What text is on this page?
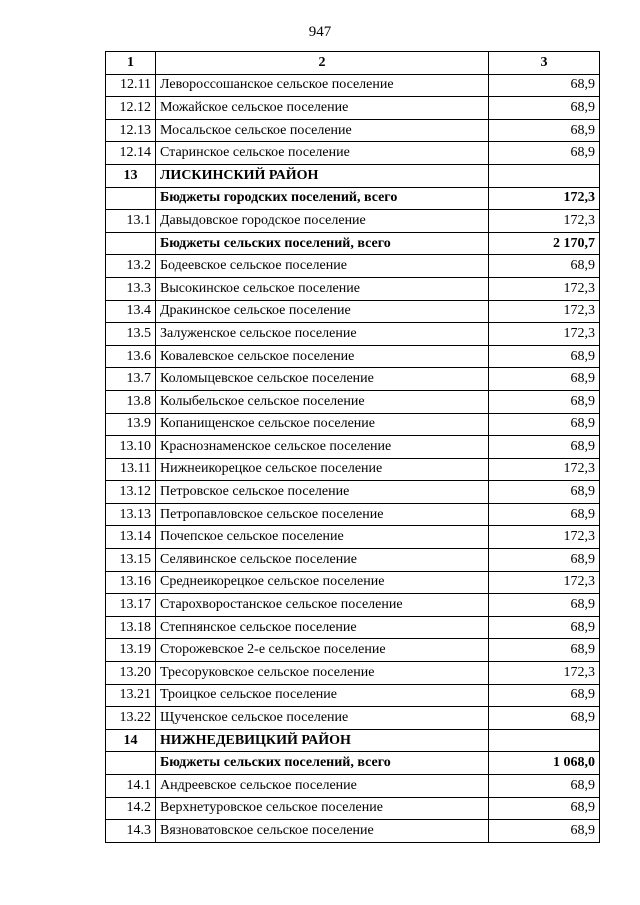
947
1	2	3
12.11	Левороссошанское сельское поселение	68,9
12.12	Можайское сельское поселение	68,9
12.13	Мосальское сельское поселение	68,9
12.14	Старинское сельское поселение	68,9
13	ЛИСКИНСКИЙ РАЙОН	
	Бюджеты городских поселений, всего	172,3
13.1	Давыдовское городское поселение	172,3
	Бюджеты сельских поселений, всего	2 170,7
13.2	Бодеевское сельское поселение	68,9
13.3	Высокинское сельское поселение	172,3
13.4	Дракинское сельское поселение	172,3
13.5	Залуженское сельское поселение	172,3
13.6	Ковалевское сельское поселение	68,9
13.7	Коломыцевское сельское поселение	68,9
13.8	Колыбельское сельское поселение	68,9
13.9	Копанищенское сельское поселение	68,9
13.10	Краснознаменское сельское поселение	68,9
13.11	Нижнеикорецкое сельское поселение	172,3
13.12	Петровское сельское поселение	68,9
13.13	Петропавловское сельское поселение	68,9
13.14	Почепское сельское поселение	172,3
13.15	Селявинское сельское поселение	68,9
13.16	Среднеикорецкое сельское поселение	172,3
13.17	Старохворостанское сельское поселение	68,9
13.18	Степнянское сельское поселение	68,9
13.19	Сторожевское 2-е сельское поселение	68,9
13.20	Тресоруковское сельское поселение	172,3
13.21	Троицкое сельское поселение	68,9
13.22	Щученское сельское поселение	68,9
14	НИЖНЕДЕВИЦКИЙ РАЙОН	
	Бюджеты сельских поселений, всего	1 068,0
14.1	Андреевское сельское поселение	68,9
14.2	Верхнетуровское сельское поселение	68,9
14.3	Вязноватовское сельское поселение	68,9
